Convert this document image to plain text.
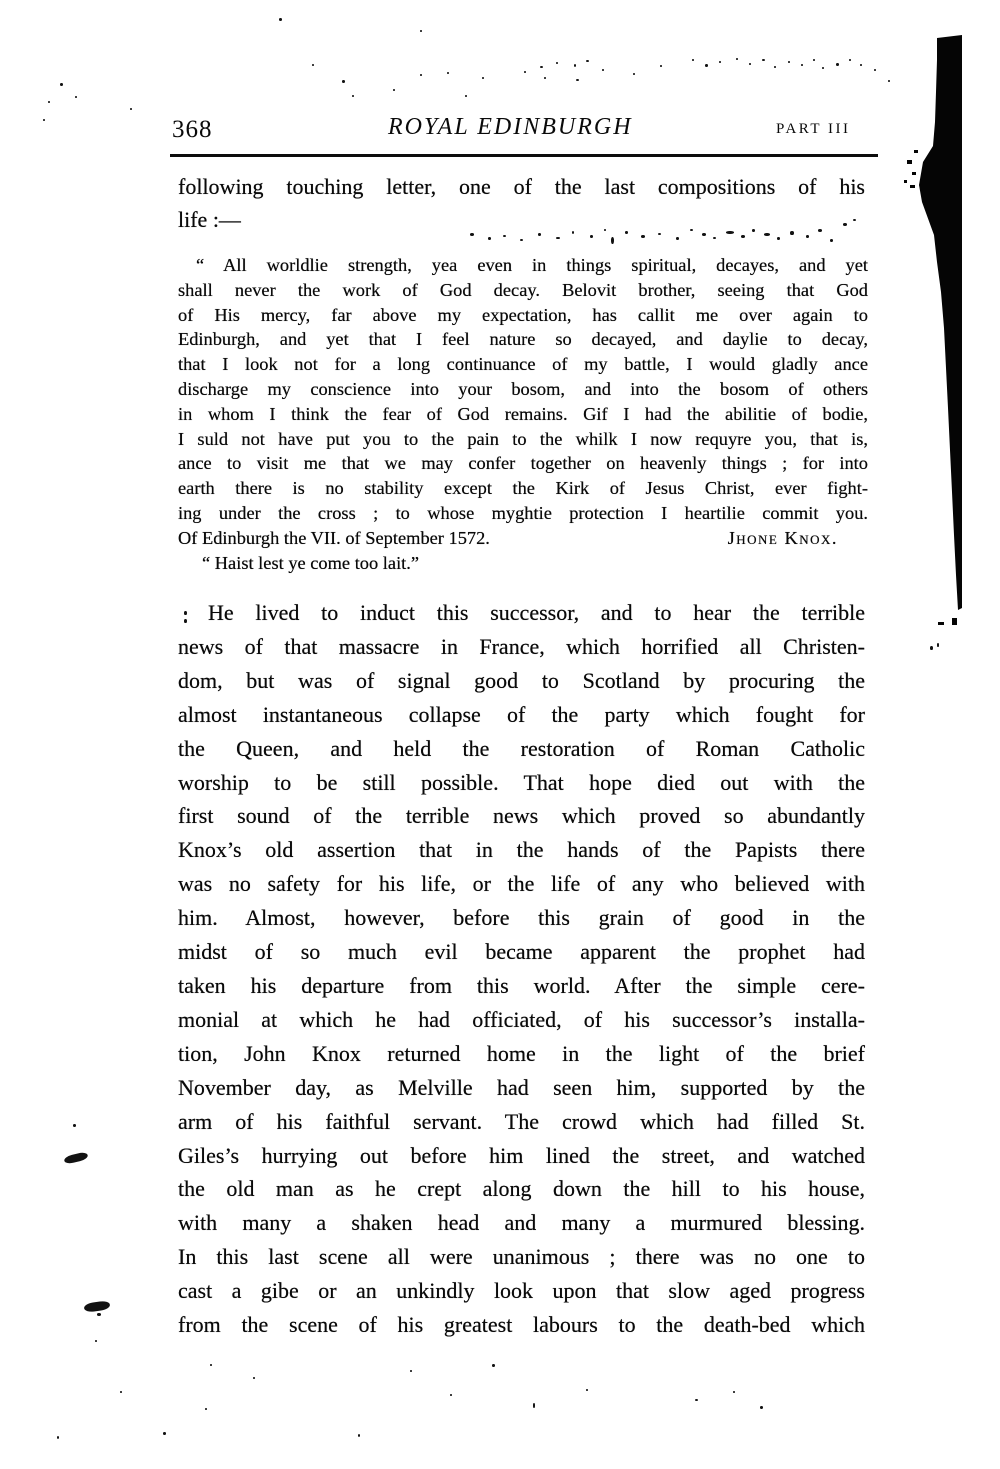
368	ROYAL EDINBURGH	PART III
following touching letter, one of the last compositions of his
life :—
“ All worldlie strength, yea even in things spiritual, decayes, and yet
shall never the work of God decay. Belovit brother, seeing that God
of His mercy, far above my expectation, has callit me over again to
Edinburgh, and yet that I feel nature so decayed, and daylie to decay,
that I look not for a long continuance of my battle, I would gladly ance
discharge my conscience into your bosom, and into the bosom of others
in whom I think the fear of God remains. Gif I had the abilitie of bodie,
I suld not have put you to the pain to the whilk I now requyre you, that is,
ance to visit me that we may confer together on heavenly things ; for into
earth there is no stability except the Kirk of Jesus Christ, ever fight-
ing under the cross ; to whose myghtie protection I heartilie commit you.
Of Edinburgh the VII. of September 1572.	Jhone Knox.
“ Haist lest ye come too lait.”
He lived to induct this successor, and to hear the terrible
news of that massacre in France, which horrified all Christen-
dom, but was of signal good to Scotland by procuring the
almost instantaneous collapse of the party which fought for
the Queen, and held the restoration of Roman Catholic
worship to be still possible. That hope died out with the
first sound of the terrible news which proved so abundantly
Knox’s old assertion that in the hands of the Papists there
was no safety for his life, or the life of any who believed with
him. Almost, however, before this grain of good in the
midst of so much evil became apparent the prophet had
taken his departure from this world. After the simple cere-
monial at which he had officiated, of his successor’s installa-
tion, John Knox returned home in the light of the brief
November day, as Melville had seen him, supported by the
arm of his faithful servant. The crowd which had filled St.
Giles’s hurrying out before him lined the street, and watched
the old man as he crept along down the hill to his house,
with many a shaken head and many a murmured blessing.
In this last scene all were unanimous ; there was no one to
cast a gibe or an unkindly look upon that slow aged progress
from the scene of his greatest labours to the death-bed which
